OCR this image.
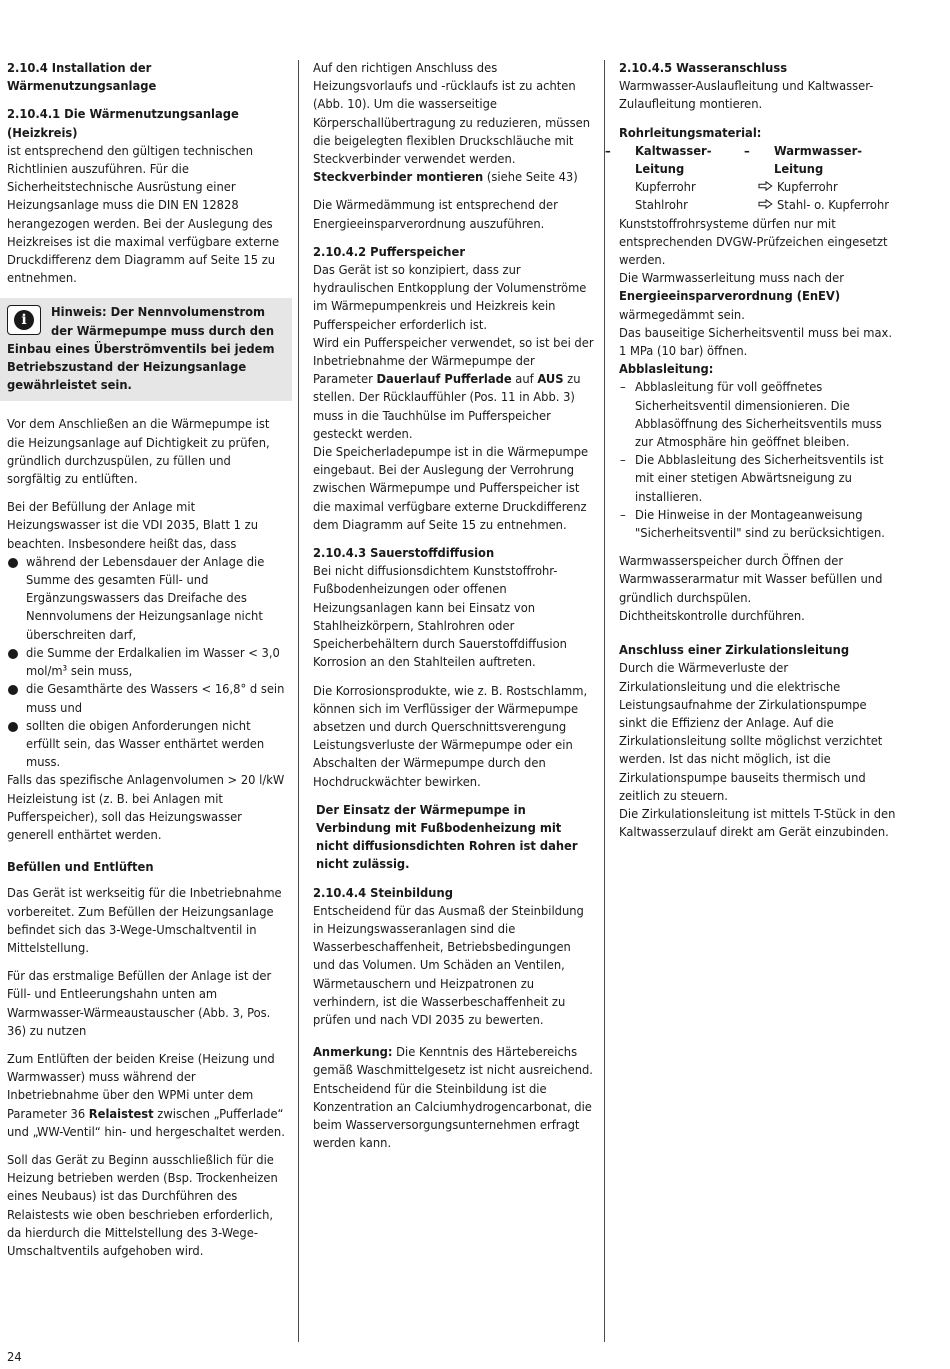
2.10.4 Installation der Wärmenutzungsanlage
2.10.4.1 Die Wärmenutzungsanlage (Heizkreis)

ist entsprechend den gültigen technischen Richtlinien auszuführen. Für die Sicherheitstechnische Ausrüstung einer Heizungsanlage muss die DIN EN 12828 herangezogen werden. Bei der Auslegung des Heizkreises ist die maximal verfügbare externe Druckdifferenz dem Diagramm auf Seite 15 zu entnehmen.

i	Hinweis: Der Nennvolumenstrom der Wärmepumpe muss durch den Einbau eines Überströmventils bei jedem Betriebszustand der Heizungsanlage gewährleistet sein.

Vor dem Anschließen an die Wärmepumpe ist die Heizungsanlage auf Dichtigkeit zu prüfen, gründlich durchzuspülen, zu füllen und sorgfältig zu entlüften.

Bei der Befüllung der Anlage mit Heizungswasser ist die VDI 2035, Blatt 1 zu beachten. Insbesondere heißt das, dass

während der Lebensdauer der Anlage die Summe des gesamten Füll- und Ergänzungswassers das Dreifache des Nennvolumens der Heizungsanlage nicht überschreiten darf,
die Summe der Erdalkalien im Wasser < 3,0 mol/m³ sein muss,
die Gesamthärte des Wassers < 16,8° d sein muss und
sollten die obigen Anforderungen nicht erfüllt sein, das Wasser enthärtet werden muss.

Falls das spezifische Anlagenvolumen > 20 l/kW Heizleistung ist (z. B. bei Anlagen mit Pufferspeicher), soll das Heizungswasser generell enthärtet werden.

Befüllen und Entlüften

Das Gerät ist werkseitig für die Inbetriebnahme vorbereitet. Zum Befüllen der Heizungsanlage befindet sich das 3-Wege-Umschaltventil in Mittelstellung.

Für das erstmalige Befüllen der Anlage ist der Füll- und Entleerungshahn unten am Warmwasser-Wärmeaustauscher (Abb. 3, Pos. 36) zu nutzen

Zum Entlüften der beiden Kreise (Heizung und Warmwasser) muss während der Inbetriebnahme über den WPMi unter dem Parameter 36 Relaistest zwischen „Pufferlade“ und „WW-Ventil“ hin- und hergeschaltet werden.

Soll das Gerät zu Beginn ausschließlich für die Heizung betrieben werden (Bsp. Trockenheizen eines Neubaus) ist das Durchführen des Relaistests wie oben beschrieben erforderlich, da hierdurch die Mittelstellung des 3-Wege-Umschaltventils aufgehoben wird.

Auf den richtigen Anschluss des Heizungsvorlaufs und -rücklaufs ist zu achten (Abb. 10). Um die wasserseitige Körperschallübertragung zu reduzieren, müssen die beigelegten flexiblen Druckschläuche mit Steckverbinder verwendet werden.

Steckverbinder montieren (siehe Seite 43)

Die Wärmedämmung ist entsprechend der Energieeinsparverordnung auszuführen.

2.10.4.2 Pufferspeicher

Das Gerät ist so konzipiert, dass zur hydraulischen Entkopplung der Volumenströme im Wärmepumpenkreis und Heizkreis kein Pufferspeicher erforderlich ist.

Wird ein Pufferspeicher verwendet, so ist bei der Inbetriebnahme der Wärmepumpe der Parameter Dauerlauf Pufferlade auf AUS zu stellen. Der Rücklauffühler (Pos. 11 in Abb. 3) muss in die Tauchhülse im Pufferspeicher gesteckt werden.

Die Speicherladepumpe ist in die Wärmepumpe eingebaut. Bei der Auslegung der Verrohrung zwischen Wärmepumpe und Pufferspeicher ist die maximal verfügbare externe Druckdifferenz dem Diagramm auf Seite 15 zu entnehmen.

2.10.4.3 Sauerstoffdiffusion

Bei nicht diffusionsdichtem Kunststoffrohr-Fußbodenheizungen oder offenen Heizungsanlagen kann bei Einsatz von Stahlheizkörpern, Stahlrohren oder Speicherbehältern durch Sauerstoffdiffusion Korrosion an den Stahlteilen auftreten.

Die Korrosionsprodukte, wie z. B. Rostschlamm, können sich im Verflüssiger der Wärmepumpe absetzen und durch Querschnittsverengung Leistungsverluste der Wärmepumpe oder ein Abschalten der Wärmepumpe durch den Hochdruckwächter bewirken.

Der Einsatz der Wärmepumpe in Verbindung mit Fußbodenheizung mit nicht diffusionsdichten Rohren ist daher nicht zulässig.

2.10.4.4 Steinbildung

Entscheidend für das Ausmaß der Steinbildung in Heizungswasseranlagen sind die Wasserbeschaffenheit, Betriebsbedingungen und das Volumen. Um Schäden an Ventilen, Wärmetauschern und Heizpatronen zu verhindern, ist die Wasserbeschaffenheit zu prüfen und nach VDI 2035 zu bewerten.

Anmerkung: Die Kenntnis des Härtebereichs gemäß Waschmittelgesetz ist nicht ausreichend. Entscheidend für die Steinbildung ist die Konzentration an Calciumhydrogencarbonat, die beim Wasserversorgungsunternehmen erfragt werden kann.

2.10.4.5 Wasseranschluss

Warmwasser-Auslaufleitung und Kaltwasser-Zulaufleitung montieren.

Rohrleitungsmaterial:

– Kaltwasser-Leitung	– Warmwasser-Leitung
Kupferrohr	Kupferrohr
Stahlrohr	Stahl- o. Kupferrohr

Kunststoffrohrsysteme dürfen nur mit entsprechenden DVGW-Prüfzeichen eingesetzt werden.

Die Warmwasserleitung muss nach der Energieeinsparverordnung (EnEV) wärmegedämmt sein.

Das bauseitige Sicherheitsventil muss bei max. 1 MPa (10 bar) öffnen.

Abblasleitung:

– Abblasleitung für voll geöffnetes Sicherheitsventil dimensionieren. Die Abblasöffnung des Sicherheitsventils muss zur Atmosphäre hin geöffnet bleiben.
– Die Abblasleitung des Sicherheitsventils ist mit einer stetigen Abwärtsneigung zu installieren.
– Die Hinweise in der Montageanweisung "Sicherheitsventil" sind zu berücksichtigen.

Warmwasserspeicher durch Öffnen der Warmwasserarmatur mit Wasser befüllen und gründlich durchspülen.

Dichtheitskontrolle durchführen.

Anschluss einer Zirkulationsleitung

Durch die Wärmeverluste der Zirkulationsleitung und die elektrische Leistungsaufnahme der Zirkulationspumpe sinkt die Effizienz der Anlage. Auf die Zirkulationsleitung sollte möglichst verzichtet werden. Ist das nicht möglich, ist die Zirkulationspumpe bauseits thermisch und zeitlich zu steuern.

Die Zirkulationsleitung ist mittels T-Stück in den Kaltwasserzulauf direkt am Gerät einzubinden.

24
